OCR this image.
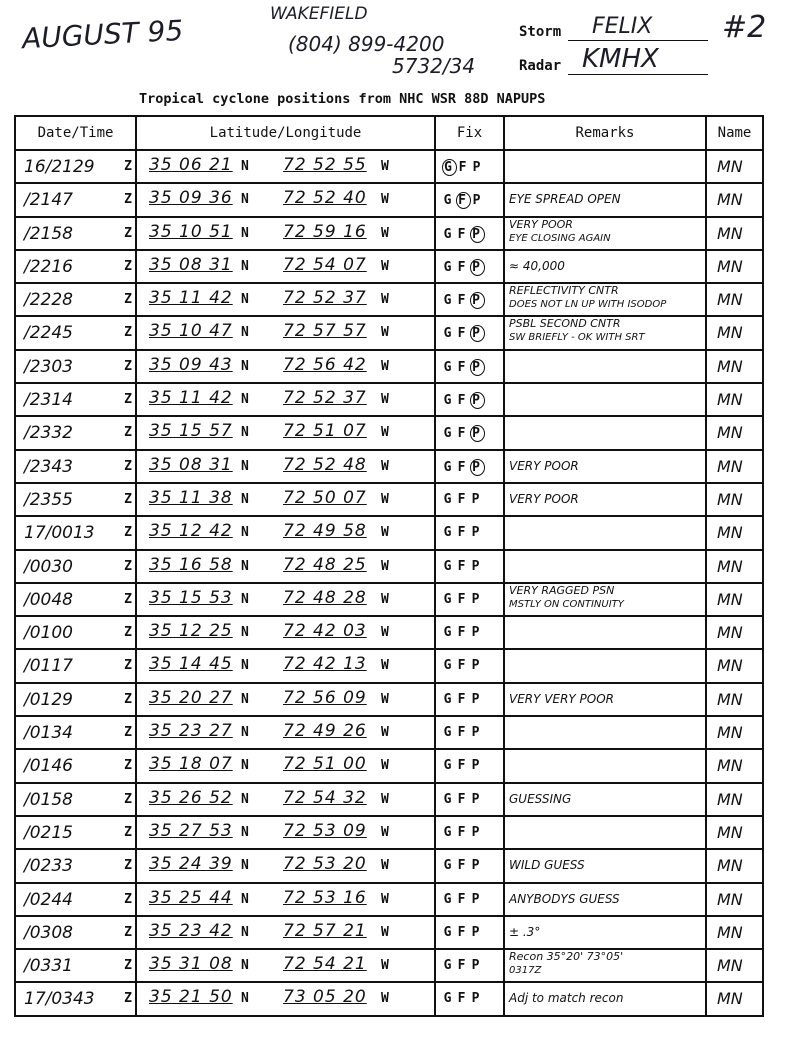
AUGUST 95	WAKEFIELD
(804) 899-4200
5732/34
Storm FELIX #2
Radar KMHX
Tropical cyclone positions from NHC WSR 88D NAPUPS
Date/Time	Latitude/Longitude	Fix	Remarks	Name

16/2129 Z	35 06 21 N 72 52 55 W	G F P		MN

/2147 Z	35 09 36 N 72 52 40 W	G F P	EYE SPREAD OPEN	MN

/2158 Z	35 10 51 N 72 59 16 W	G F P	VERY POOR
EYE CLOSING AGAIN	MN

/2216 Z	35 08 31 N 72 54 07 W	G F P	≈ 40,000	MN

/2228 Z	35 11 42 N 72 52 37 W	G F P	REFLECTIVITY CNTR
DOES NOT LN UP WITH ISODOP	MN

/2245 Z	35 10 47 N 72 57 57 W	G F P	PSBL SECOND CNTR
SW BRIEFLY - OK WITH SRT	MN

/2303 Z	35 09 43 N 72 56 42 W	G F P		MN

/2314 Z	35 11 42 N 72 52 37 W	G F P		MN

/2332 Z	35 15 57 N 72 51 07 W	G F P		MN

/2343 Z	35 08 31 N 72 52 48 W	G F P	VERY POOR	MN

/2355 Z	35 11 38 N 72 50 07 W	G F P	VERY POOR	MN

17/0013 Z	35 12 42 N 72 49 58 W	G F P		MN

/0030 Z	35 16 58 N 72 48 25 W	G F P		MN

/0048 Z	35 15 53 N 72 48 28 W	G F P	VERY RAGGED PSN
MSTLY ON CONTINUITY	MN

/0100 Z	35 12 25 N 72 42 03 W	G F P		MN

/0117 Z	35 14 45 N 72 42 13 W	G F P		MN

/0129 Z	35 20 27 N 72 56 09 W	G F P	VERY VERY POOR	MN

/0134 Z	35 23 27 N 72 49 26 W	G F P		MN

/0146 Z	35 18 07 N 72 51 00 W	G F P		MN

/0158 Z	35 26 52 N 72 54 32 W	G F P	GUESSING	MN

/0215 Z	35 27 53 N 72 53 09 W	G F P		MN

/0233 Z	35 24 39 N 72 53 20 W	G F P	WILD GUESS	MN

/0244 Z	35 25 44 N 72 53 16 W	G F P	ANYBODYS GUESS	MN

/0308 Z	35 23 42 N 72 57 21 W	G F P	± .3°	MN

/0331 Z	35 31 08 N 72 54 21 W	G F P	Recon 35°20' 73°05'
0317Z	MN

17/0343 Z	35 21 50 N 73 05 20 W	G F P	Adj to match recon	MN
